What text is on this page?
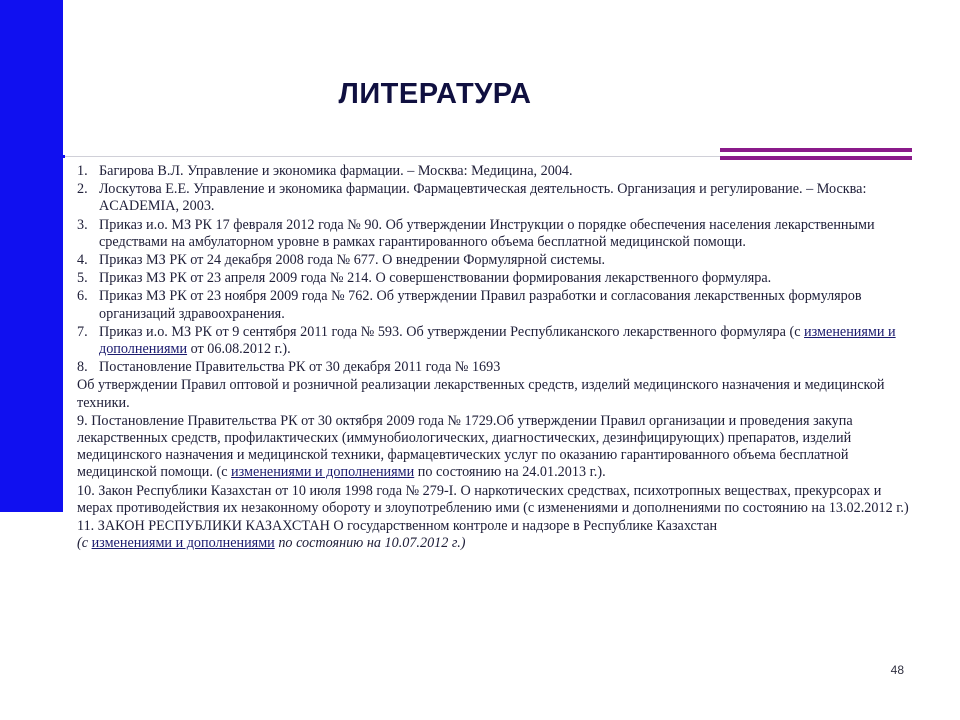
ЛИТЕРАТУРА
1. Багирова В.Л. Управление и экономика фармации. – Москва: Медицина, 2004.
2. Лоскутова Е.Е. Управление и экономика фармации. Фармацевтическая деятельность. Организация и регулирование. – Москва: ACADEMIA, 2003.
3. Приказ и.о. МЗ РК 17 февраля 2012 года № 90. Об утверждении Инструкции о порядке обеспечения населения лекарственными средствами на амбулаторном уровне в рамках гарантированного объема бесплатной медицинской помощи.
4. Приказ МЗ РК от 24 декабря 2008 года № 677. О внедрении Формулярной системы.
5. Приказ МЗ РК от 23 апреля 2009 года № 214. О совершенствовании формирования лекарственного формуляра.
6. Приказ МЗ РК от 23 ноября 2009 года № 762. Об утверждении Правил разработки и согласования лекарственных формуляров организаций здравоохранения.
7. Приказ и.о. МЗ РК от 9 сентября 2011 года № 593. Об утверждении Республиканского лекарственного формуляра (с изменениями и дополнениями от 06.08.2012 г.).
8. Постановление Правительства РК от 30 декабря 2011 года № 1693
Об утверждении Правил оптовой и розничной реализации лекарственных средств, изделий медицинского назначения и медицинской техники.
9. Постановление Правительства РК от 30 октября 2009 года № 1729.Об утверждении Правил организации и проведения закупа лекарственных средств, профилактических (иммунобиологических, диагностических, дезинфицирующих) препаратов, изделий медицинского назначения и медицинской техники, фармацевтических услуг по оказанию гарантированного объема бесплатной медицинской помощи. (с изменениями и дополнениями по состоянию на 24.01.2013 г.).
10. Закон Республики Казахстан от 10 июля 1998 года № 279-I. О наркотических средствах, психотропных веществах, прекурсорах и мерах противодействия их незаконному обороту и злоупотреблению ими (с изменениями и дополнениями по состоянию на 13.02.2012 г.)
11. ЗАКОН РЕСПУБЛИКИ КАЗАХСТАН О государственном контроле и надзоре в Республике Казахстан
(с изменениями и дополнениями по состоянию на 10.07.2012 г.)
48
